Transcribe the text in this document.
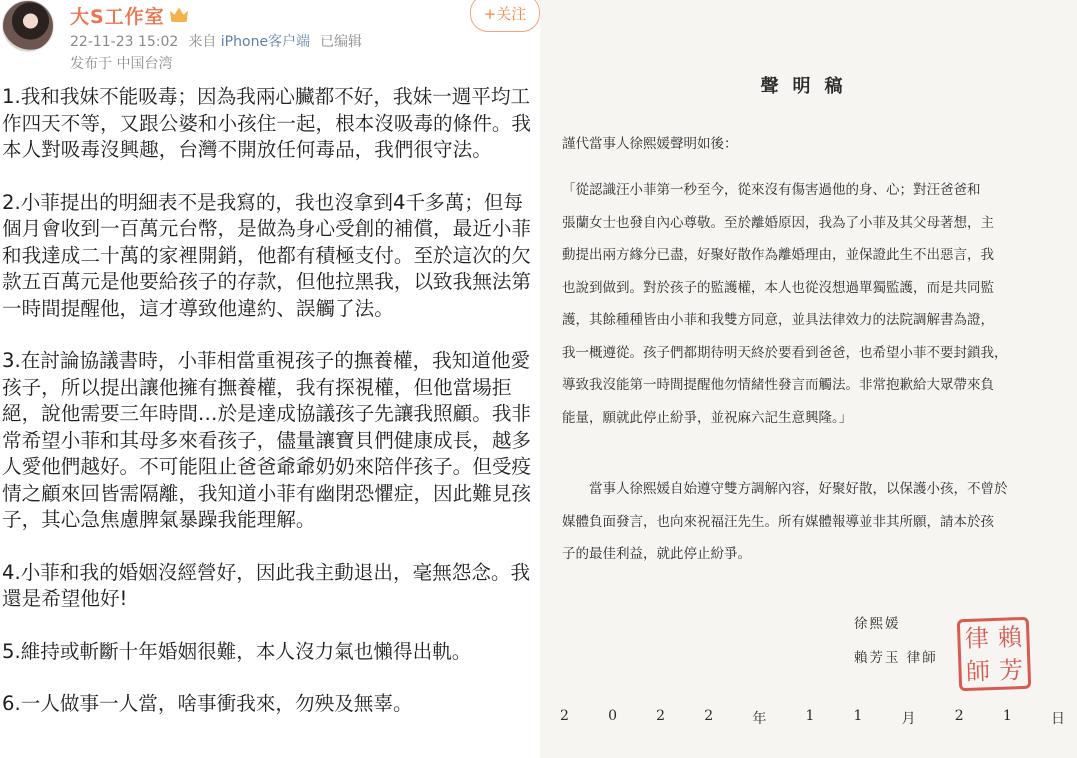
大S工作室	+关注
22-11-23 15:02 来自 iPhone客户端 已编辑
发布于 中国台湾

1.我和我妹不能吸毒；因為我兩心臟都不好，我妹一週平均工作四天不等，又跟公婆和小孩住一起，根本沒吸毒的條件。我本人對吸毒沒興趣，台灣不開放任何毒品，我們很守法。

2.小菲提出的明細表不是我寫的，我也沒拿到4千多萬；但每個月會收到一百萬元台幣，是做為身心受創的補償，最近小菲和我達成二十萬的家裡開銷，他都有積極支付。至於這次的欠款五百萬元是他要給孩子的存款，但他拉黑我，以致我無法第一時間提醒他，這才導致他違約、誤觸了法。

3.在討論協議書時，小菲相當重視孩子的撫養權，我知道他愛孩子，所以提出讓他擁有撫養權，我有探視權，但他當場拒絕，說他需要三年時間…於是達成協議孩子先讓我照顧。我非常希望小菲和其母多來看孩子，儘量讓寶貝們健康成長，越多人愛他們越好。不可能阻止爸爸爺爺奶奶來陪伴孩子。但受疫情之顧來回皆需隔離，我知道小菲有幽閉恐懼症，因此難見孩子，其心急焦慮脾氣暴躁我能理解。

4.小菲和我的婚姻沒經營好，因此我主動退出，毫無怨念。我還是希望他好!

5.維持或斬斷十年婚姻很難，本人沒力氣也懶得出軌。

6.一人做事一人當，啥事衝我來，勿殃及無辜。

聲明稿
謹代當事人徐熙媛聲明如後：
「從認識汪小菲第一秒至今，從來沒有傷害過他的身、心；對汪爸爸和
張蘭女士也發自內心尊敬。至於離婚原因，我為了小菲及其父母著想，主
動提出兩方緣分已盡，好聚好散作為離婚理由，並保證此生不出惡言，我
也說到做到。對於孩子的監護權，本人也從沒想過單獨監護，而是共同監
護，其餘種種皆由小菲和我雙方同意，並具法律效力的法院調解書為證，
我一概遵從。孩子們都期待明天終於要看到爸爸，也希望小菲不要封鎖我，
導致我沒能第一時間提醒他勿情緒性發言而觸法。非常抱歉給大眾帶來負
能量，願就此停止紛爭，並祝麻六記生意興隆。」
　　當事人徐熙媛自始遵守雙方調解內容，好聚好散，以保護小孩，不曾於
媒體負面發言，也向來祝福汪先生。所有媒體報導並非其所願，請本於孩
子的最佳利益，就此停止紛爭。
徐熙媛
賴芳玉 律師
律 賴
師 芳
2	0	2	2	年	1	1	月	2	1	日
